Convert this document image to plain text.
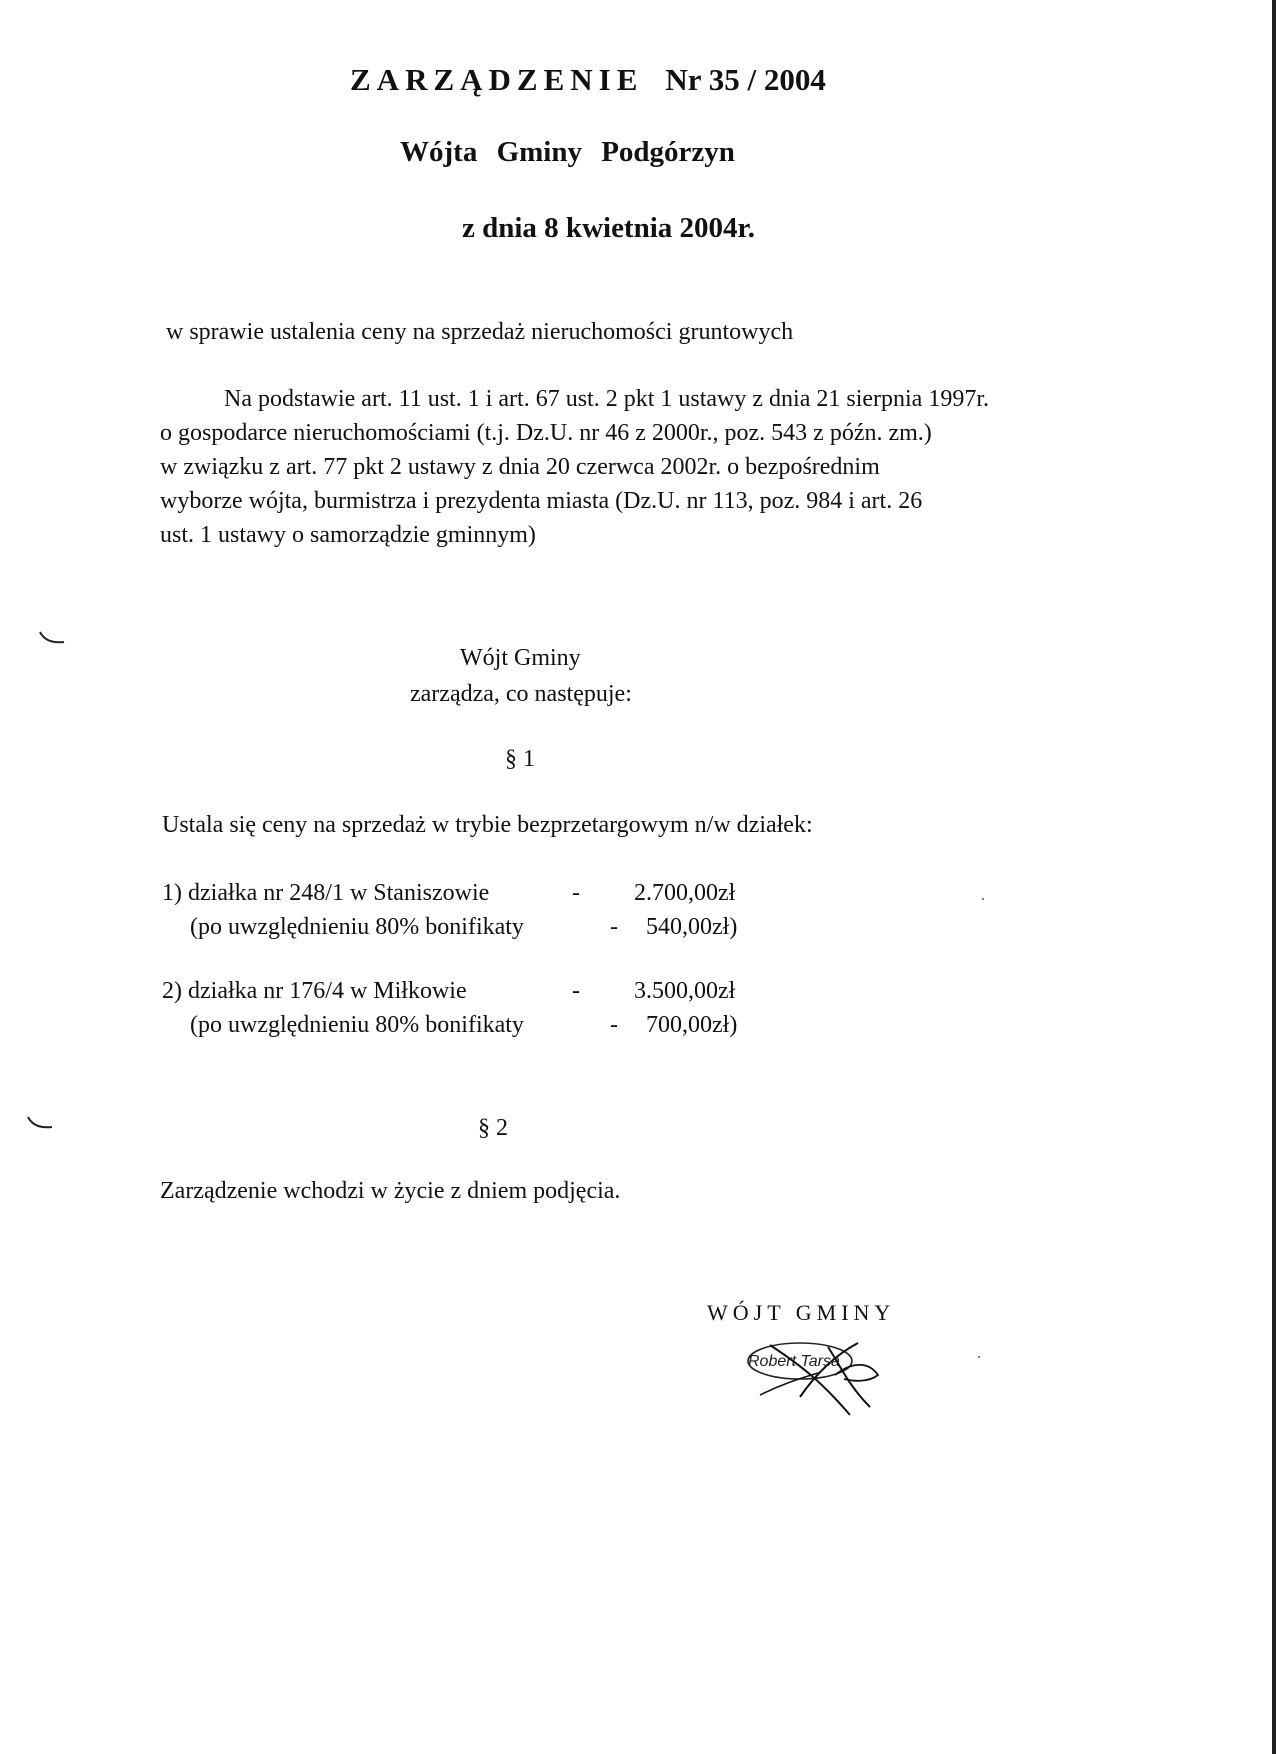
ZARZĄDZENIE Nr 35 / 2004
Wójta Gminy Podgórzyn
z dnia 8 kwietnia 2004r.
w sprawie ustalenia ceny na sprzedaż nieruchomości gruntowych
Na podstawie art. 11 ust. 1 i art. 67 ust. 2 pkt 1 ustawy z dnia 21 sierpnia 1997r.
o gospodarce nieruchomościami (t.j. Dz.U. nr 46 z 2000r., poz. 543 z późn. zm.)
w związku z art. 77 pkt 2 ustawy z dnia 20 czerwca 2002r. o bezpośrednim
wyborze wójta, burmistrza i prezydenta miasta (Dz.U. nr 113, poz. 984 i art. 26
ust. 1 ustawy o samorządzie gminnym)
Wójt Gminy
zarządza, co następuje:
§ 1
Ustala się ceny na sprzedaż w trybie bezprzetargowym n/w działek:
1) działka nr 248/1 w Staniszowie	- 2.700,00zł
(po uwzględnieniu 80% bonifikaty	- 540,00zł)
2) działka nr 176/4 w Miłkowie	- 3.500,00zł
(po uwzględnieniu 80% bonifikaty	- 700,00zł)
§ 2
Zarządzenie wchodzi w życie z dniem podjęcia.
WÓJT GMINY
Robert Tarsa
